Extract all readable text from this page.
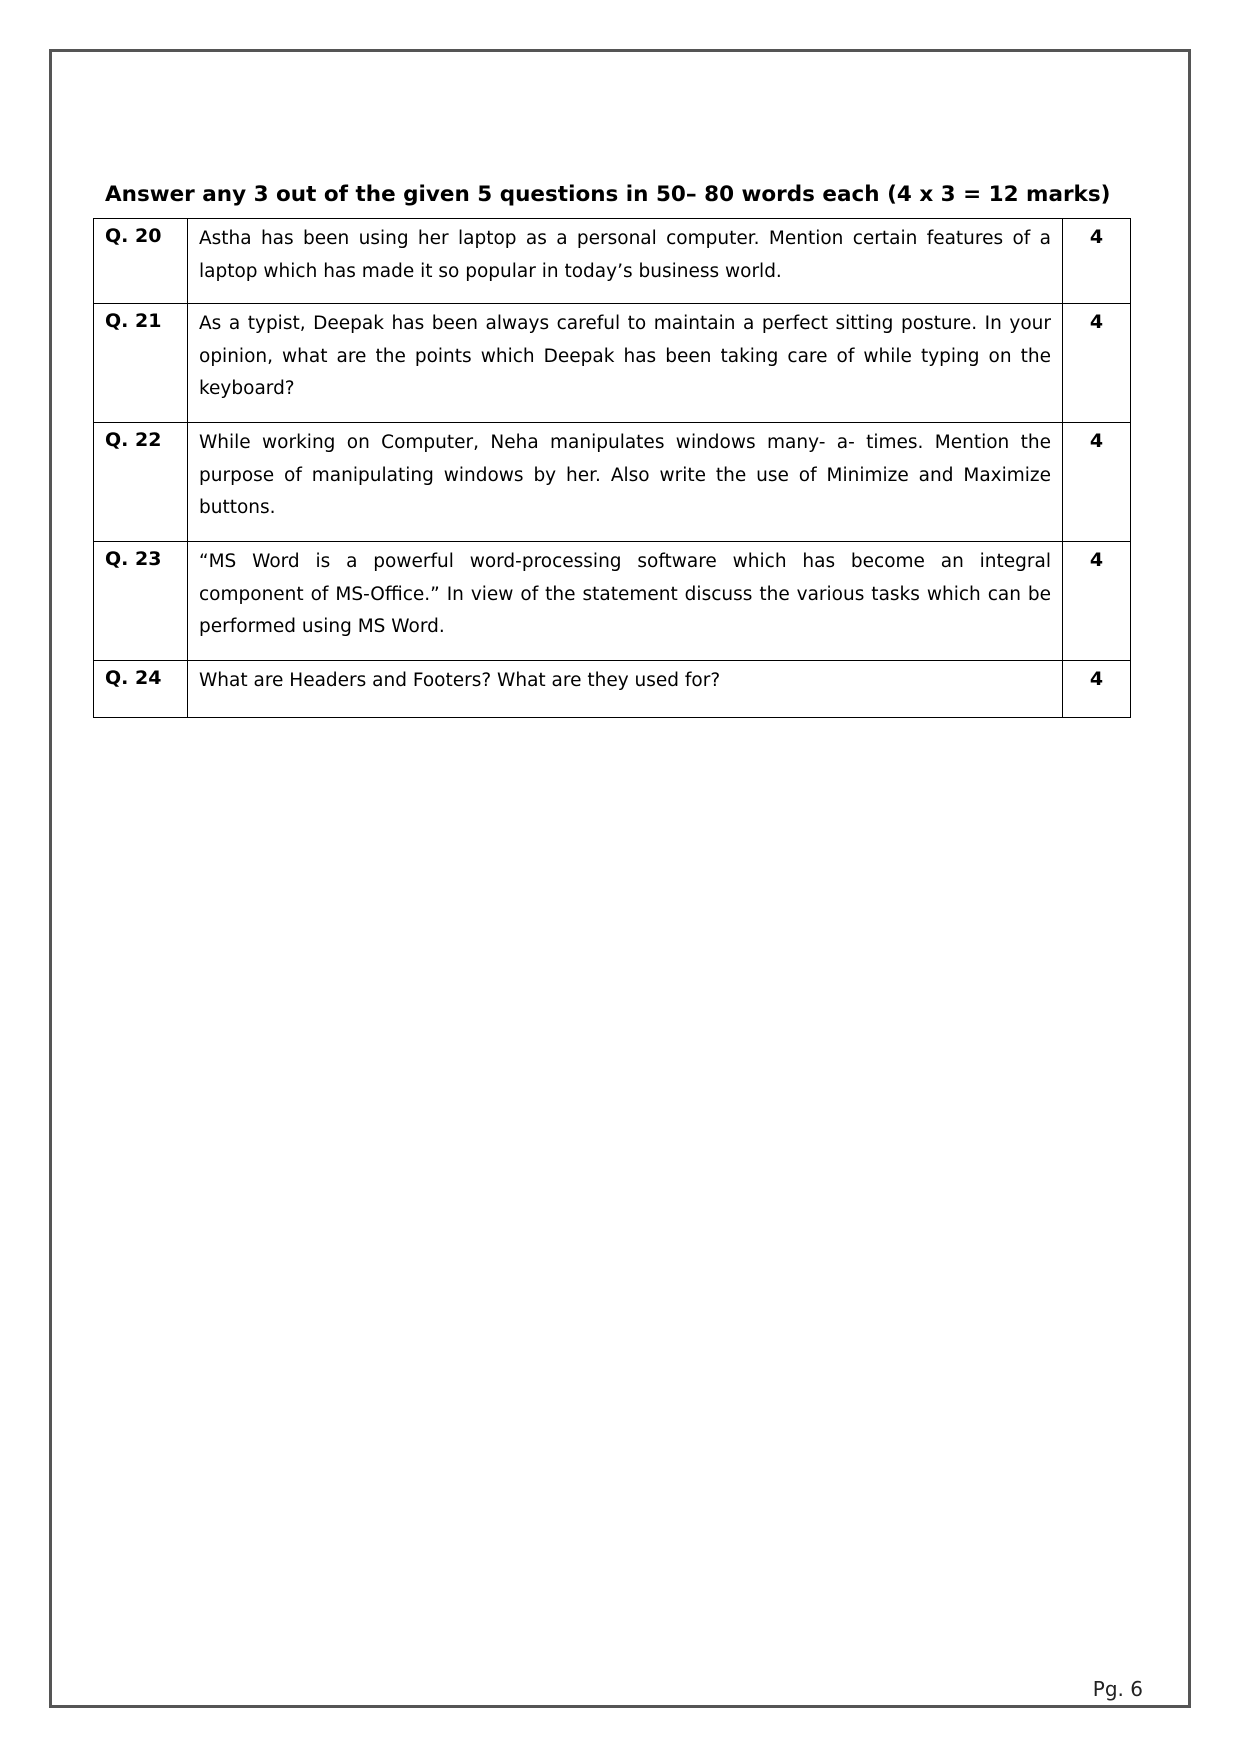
Answer any 3 out of the given 5 questions in 50– 80 words each (4 x 3 = 12 marks)
Q. 20	Astha has been using her laptop as a personal computer. Mention certain features of a laptop which has made it so popular in today’s business world.	4
Q. 21	As a typist, Deepak has been always careful to maintain a perfect sitting posture. In your opinion, what are the points which Deepak has been taking care of while typing on the keyboard?	4
Q. 22	While working on Computer, Neha manipulates windows many- a- times. Mention the purpose of manipulating windows by her. Also write the use of Minimize and Maximize buttons.	4
Q. 23	“MS Word is a powerful word-processing software which has become an integral component of MS-Office.” In view of the statement discuss the various tasks which can be performed using MS Word.	4
Q. 24	What are Headers and Footers? What are they used for?	4
Pg. 6
